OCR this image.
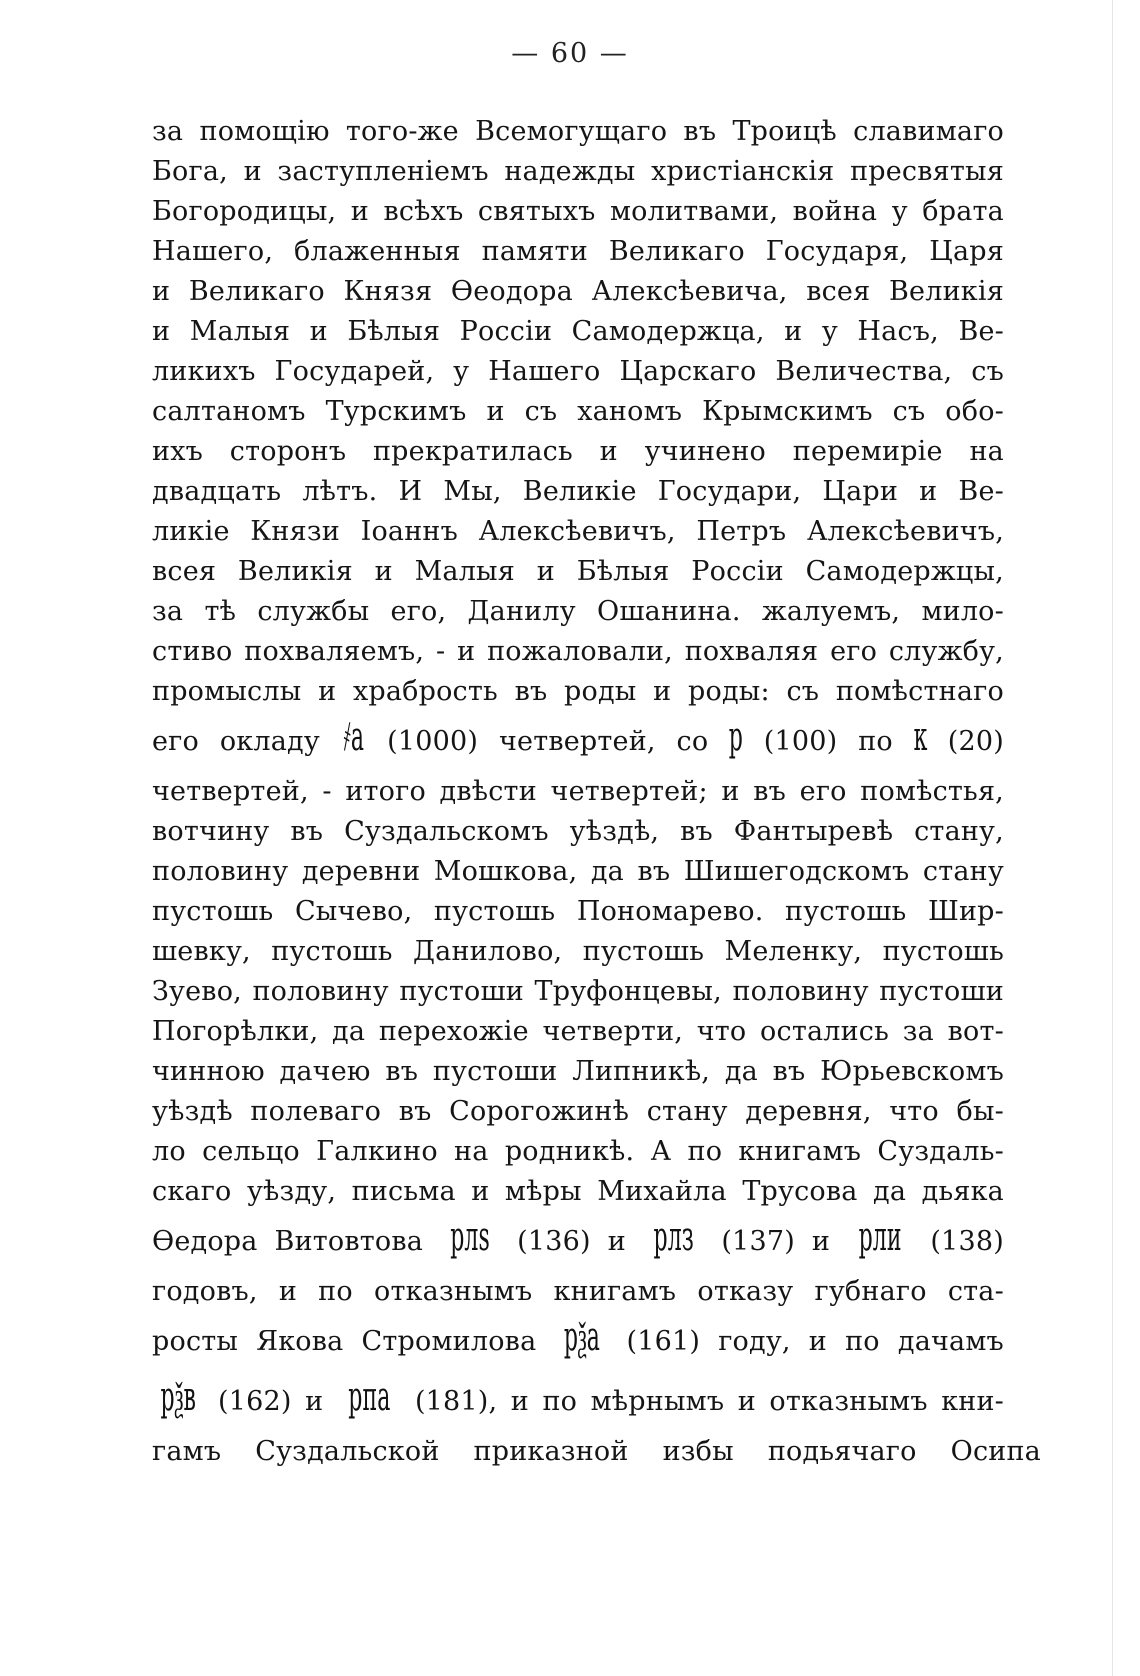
— 60 —
за помощію того-же Всемогущаго въ Троицѣ славимаго
Бога, и заступленіемъ надежды христіанскія пресвятыя
Богородицы, и всѣхъ святыхъ молитвами, война у брата
Нашего, блаженныя памяти Великаго Государя, Царя
и Великаго Князя Ѳеодора Алексѣевича, всея Великія
и Малыя и Бѣлыя Россіи Самодержца, и у Насъ, Ве-
ликихъ Государей, у Нашего Царскаго Величества, съ
салтаномъ Турскимъ и съ ханомъ Крымскимъ съ обо-
ихъ сторонъ прекратилась и учинено перемиріе на
двадцать лѣтъ. И Мы, Великіе Государи, Цари и Ве-
ликіе Князи Іоаннъ Алексѣевичъ, Петръ Алексѣевичъ,
всея Великія и Малыя и Бѣлыя Россіи Самодержцы,
за тѣ службы его, Данилу Ошанина. жалуемъ, мило-
стиво похваляемъ, - и пожаловали, похваляя его службу,
промыслы и храбрость въ роды и роды: съ помѣстнаго
его окладу ҂а (1000) четвертей, со р (100) по к (20)
четвертей, - итого двѣсти четвертей; и въ его помѣстья,
вотчину въ Суздальскомъ уѣздѣ, въ Фантыревѣ стану,
половину деревни Мошкова, да въ Шишегодскомъ стану
пустошь Сычево, пустошь Пономарево. пустошь Шир-
шевку, пустошь Данилово, пустошь Меленку, пустошь
Зуево, половину пустоши Труфонцевы, половину пустоши
Погорѣлки, да перехожіе четверти, что остались за вот-
чинною дачею въ пустоши Липникѣ, да въ Юрьевскомъ
уѣздѣ полеваго въ Сорогожинѣ стану деревня, что бы-
ло сельцо Галкино на родникѣ. А по книгамъ Суздаль-
скаго уѣзду, письма и мѣры Михайла Трусова да дьяка
Ѳедора Витовтова рлѕ (136) и рлз (137) и рли (138)
годовъ, и по отказнымъ книгамъ отказу губнаго ста-
росты Якова Стромилова рѯа (161) году, и по дачамъ
рѯв (162) и рпа (181), и по мѣрнымъ и отказнымъ кни-
гамъ Суздальской приказной избы подьячаго Осипа
